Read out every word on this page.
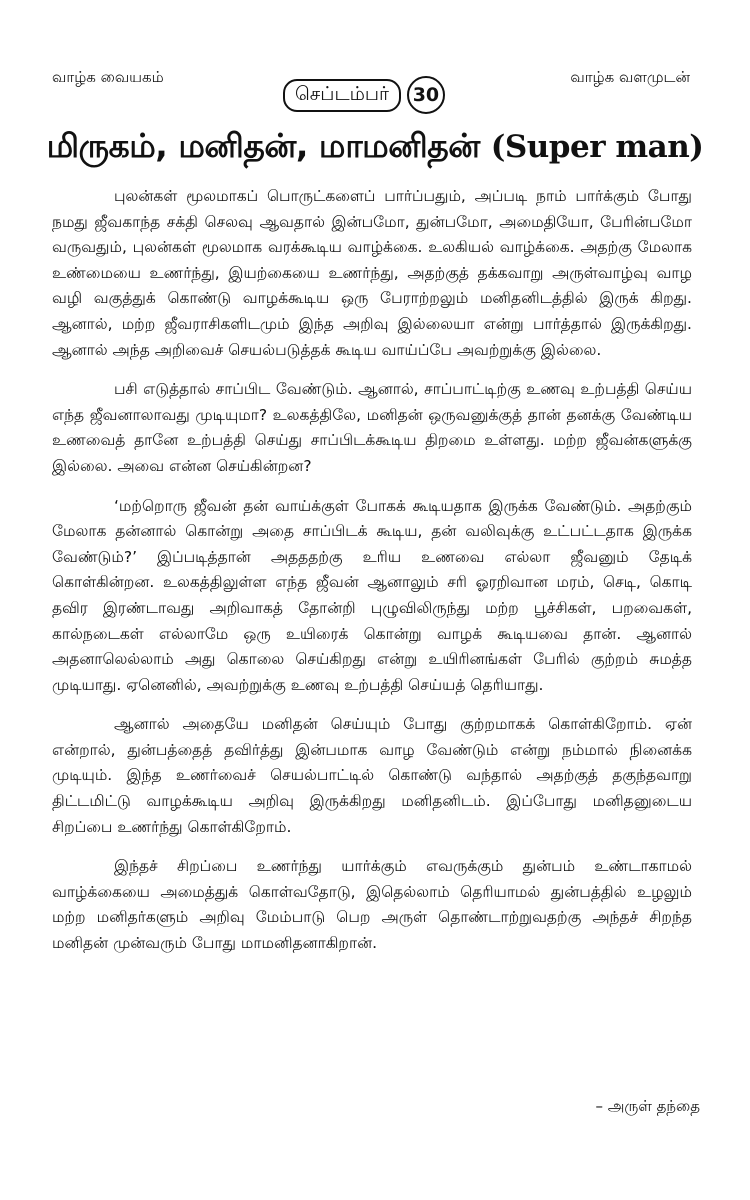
வாழ்க வையகம்
செப்டம்பர்	30
வாழ்க வளமுடன்
மிருகம், மனிதன், மாமனிதன் (Super man)

புலன்கள் மூலமாகப் பொருட்களைப் பார்ப்பதும், அப்படி நாம் பார்க்கும் போது நமது ஜீவகாந்த சக்தி செலவு ஆவதால் இன்பமோ, துன்பமோ, அமைதியோ, பேரின்பமோ வருவதும், புலன்கள் மூலமாக வரக்கூடிய வாழ்க்கை. உலகியல் வாழ்க்கை. அதற்கு மேலாக உண்மையை உணர்ந்து, இயற்கையை உணர்ந்து, அதற்குத் தக்கவாறு அருள்வாழ்வு வாழ வழி வகுத்துக் கொண்டு வாழக்கூடிய ஒரு பேராற்றலும் மனிதனிடத்தில் இருக் கிறது. ஆனால், மற்ற ஜீவராசிகளிடமும் இந்த அறிவு இல்லையா என்று பார்த்தால் இருக்கிறது. ஆனால் அந்த அறிவைச் செயல்படுத்தக் கூடிய வாய்ப்பே அவற்றுக்கு இல்லை.

பசி எடுத்தால் சாப்பிட வேண்டும். ஆனால், சாப்பாட்டிற்கு உணவு உற்பத்தி செய்ய எந்த ஜீவனாலாவது முடியுமா? உலகத்திலே, மனிதன் ஒருவனுக்குத் தான் தனக்கு வேண்டிய உணவைத் தானே உற்பத்தி செய்து சாப்பிடக்கூடிய திறமை உள்ளது. மற்ற ஜீவன்களுக்கு இல்லை. அவை என்ன செய்கின்றன?

‘மற்றொரு ஜீவன் தன் வாய்க்குள் போகக் கூடியதாக இருக்க வேண்டும். அதற்கும் மேலாக தன்னால் கொன்று அதை சாப்பிடக் கூடிய, தன் வலிவுக்கு உட்பட்டதாக இருக்க வேண்டும்?’ இப்படித்தான் அதததற்கு உரிய உணவை எல்லா ஜீவனும் தேடிக் கொள்கின்றன. உலகத்திலுள்ள எந்த ஜீவன் ஆனாலும் சரி ஓரறிவான மரம், செடி, கொடி தவிர இரண்டாவது அறிவாகத் தோன்றி புழுவிலிருந்து மற்ற பூச்சிகள், பறவைகள், கால்நடைகள் எல்லாமே ஒரு உயிரைக் கொன்று வாழக் கூடியவை தான். ஆனால் அதனாலெல்லாம் அது கொலை செய்கிறது என்று உயிரினங்கள் பேரில் குற்றம் சுமத்த முடியாது. ஏனெனில், அவற்றுக்கு உணவு உற்பத்தி செய்யத் தெரியாது.

ஆனால் அதையே மனிதன் செய்யும் போது குற்றமாகக் கொள்கிறோம். ஏன் என்றால், துன்பத்தைத் தவிர்த்து இன்பமாக வாழ வேண்டும் என்று நம்மால் நினைக்க முடியும். இந்த உணர்வைச் செயல்பாட்டில் கொண்டு வந்தால் அதற்குத் தகுந்தவாறு திட்டமிட்டு வாழக்கூடிய அறிவு இருக்கிறது மனிதனிடம். இப்போது மனிதனுடைய சிறப்பை உணர்ந்து கொள்கிறோம்.

இந்தச் சிறப்பை உணர்ந்து யார்க்கும் எவருக்கும் துன்பம் உண்டாகாமல் வாழ்க்கையை அமைத்துக் கொள்வதோடு, இதெல்லாம் தெரியாமல் துன்பத்தில் உழலும் மற்ற மனிதர்களும் அறிவு மேம்பாடு பெற அருள் தொண்டாற்றுவதற்கு அந்தச் சிறந்த மனிதன் முன்வரும் போது மாமனிதனாகிறான்.

– அருள் தந்தை
